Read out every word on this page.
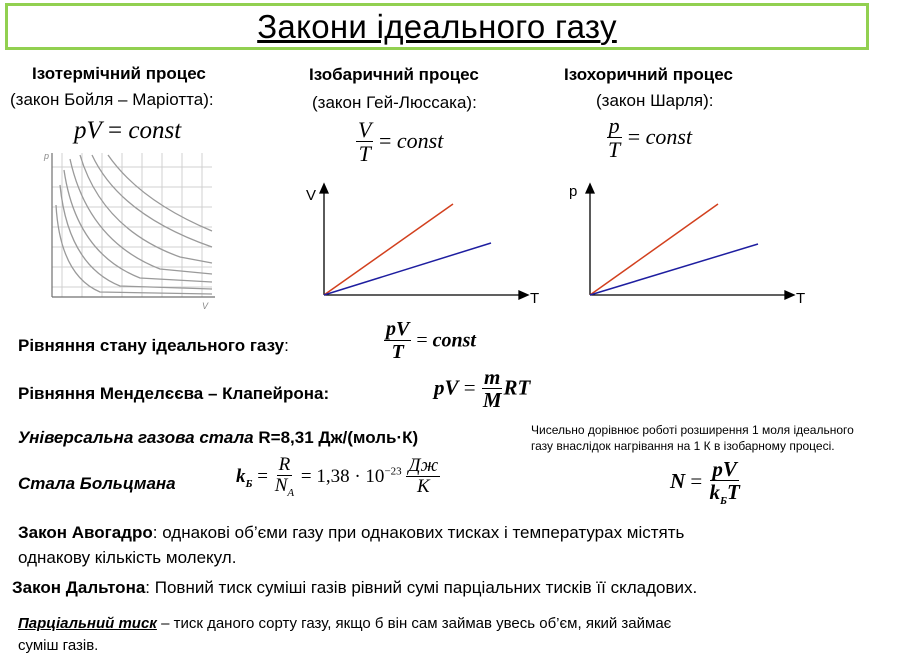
Закони ідеального газу
Ізотермічний процес
(закон Бойля – Маріотта):
pV = const
p
V
Ізобаричний процес
(закон Гей-Люссака):
$\frac{V}{T}$ = const
V
T
Ізохоричний процес
(закон Шарля):
$\frac{p}{T}$ = const
p
T
Рівняння стану ідеального газу:	$\frac{pV}{T}$ = const
Рівняння Менделєєва – Клапейрона:	pV = $\frac{m}{M}$ RT
Універсальна газова стала R=8,31 Дж/(моль·К)	Чисельно дорівнює роботі розширення 1 моля ідеального
газу внаслідок нагрівання на 1 К в ізобарному процесі.
Стала Больцмана	$k_Б = \frac{R}{N_A} = 1,38 \cdot 10^{-23} \frac{Дж}{К}$	$N = \frac{pV}{k_БT}$
Закон Авогадро: однакові об’єми газу при однакових тисках і температурах містять
однакову кількість молекул.
Закон Дальтона: Повний тиск суміші газів рівний сумі парціальних тисків її складових.
Парціальний тиск – тиск даного сорту газу, якщо б він сам займав увесь об’єм, який займає
суміш газів.
